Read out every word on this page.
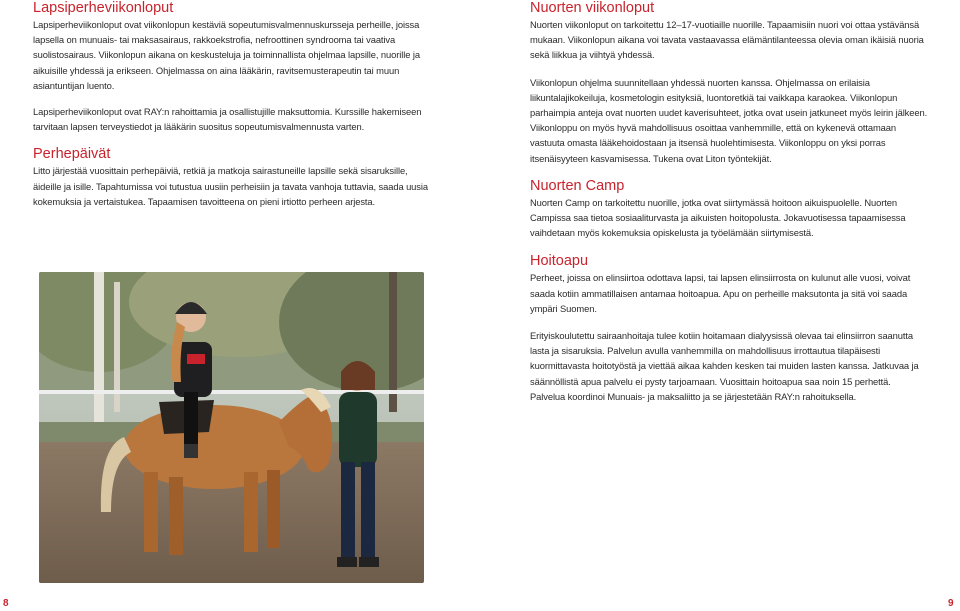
Lapsiperheviikonloput

Lapsiperheviikonloput ovat viikonlopun kestäviä sopeutumisvalmennuskursseja perheille, joissa lapsella on munuais- tai maksasairaus, rakkoekstrofia, nefroottinen syndrooma tai vaativa suolistosairaus. Viikonlopun aikana on keskusteluja ja toiminnallista ohjelmaa lapsille, nuorille ja aikuisille yhdessä ja erikseen. Ohjelmassa on aina lääkärin, ravitsemusterapeutin tai muun asiantuntijan luento.

Lapsiperheviikonloput ovat RAY:n rahoittamia ja osallistujille maksuttomia. Kurssille hakemiseen tarvitaan lapsen terveystiedot ja lääkärin suositus sopeutumisvalmennusta varten.

Perhepäivät

Litto järjestää vuosittain perhepäiviä, retkiä ja matkoja sairastuneille lapsille sekä sisaruksille, äideille ja isille. Tapahtumissa voi tutustua uusiin perheisiin ja tavata vanhoja tuttavia, saada uusia kokemuksia ja vertaistukea. Tapaamisen tavoitteena on pieni irtiotto perheen arjesta.

Nuorten viikonloput

Nuorten viikonloput on tarkoitettu 12–17-vuotiaille nuorille. Tapaamisiin nuori voi ottaa ystävänsä mukaan. Viikonlopun aikana voi tavata vastaavassa elämäntilanteessa olevia oman ikäisiä nuoria sekä liikkua ja viihtyä yhdessä.

Viikonlopun ohjelma suunnitellaan yhdessä nuorten kanssa. Ohjelmassa on erilaisia liikuntalajikokeiluja, kosmetologin esityksiä, luontoretkiä tai vaikkapa karaokea. Viikonlopun parhaimpia anteja ovat nuorten uudet kaverisuhteet, jotka ovat usein jatkuneet myös leirin jälkeen. Viikonloppu on myös hyvä mahdollisuus osoittaa vanhemmille, että on kykenevä ottamaan vastuuta omasta lääkehoidostaan ja itsensä huolehtimisesta. Viikonloppu on yksi porras itsenäisyyteen kasvamisessa. Tukena ovat Liton työntekijät.

Nuorten Camp

Nuorten Camp on tarkoitettu nuorille, jotka ovat siirtymässä hoitoon aikuispuolelle. Nuorten Campissa saa tietoa sosiaaliturvasta ja aikuisten hoitopolusta. Jokavuotisessa tapaamisessa vaihdetaan myös kokemuksia opiskelusta ja työelämään siirtymisestä.

Hoitoapu

Perheet, joissa on elinsiirtoa odottava lapsi, tai lapsen elinsiirrosta on kulunut alle vuosi, voivat saada kotiin ammatillaisen antamaa hoitoapua. Apu on perheille maksutonta ja sitä voi saada ympäri Suomen.

Erityiskoulutettu sairaanhoitaja tulee kotiin hoitamaan dialyysissä olevaa tai elinsiirron saanutta lasta ja sisaruksia. Palvelun avulla vanhemmilla on mahdollisuus irrottautua tilapäisesti kuormittavasta hoitotyöstä ja viettää aikaa kahden kesken tai muiden lasten kanssa. Jatkuvaa ja säännöllistä apua palvelu ei pysty tarjoamaan. Vuosittain hoitoapua saa noin 15 perhettä. Palvelua koordinoi Munuais- ja maksaliitto ja se järjestetään RAY:n rahoituksella.

8	9
